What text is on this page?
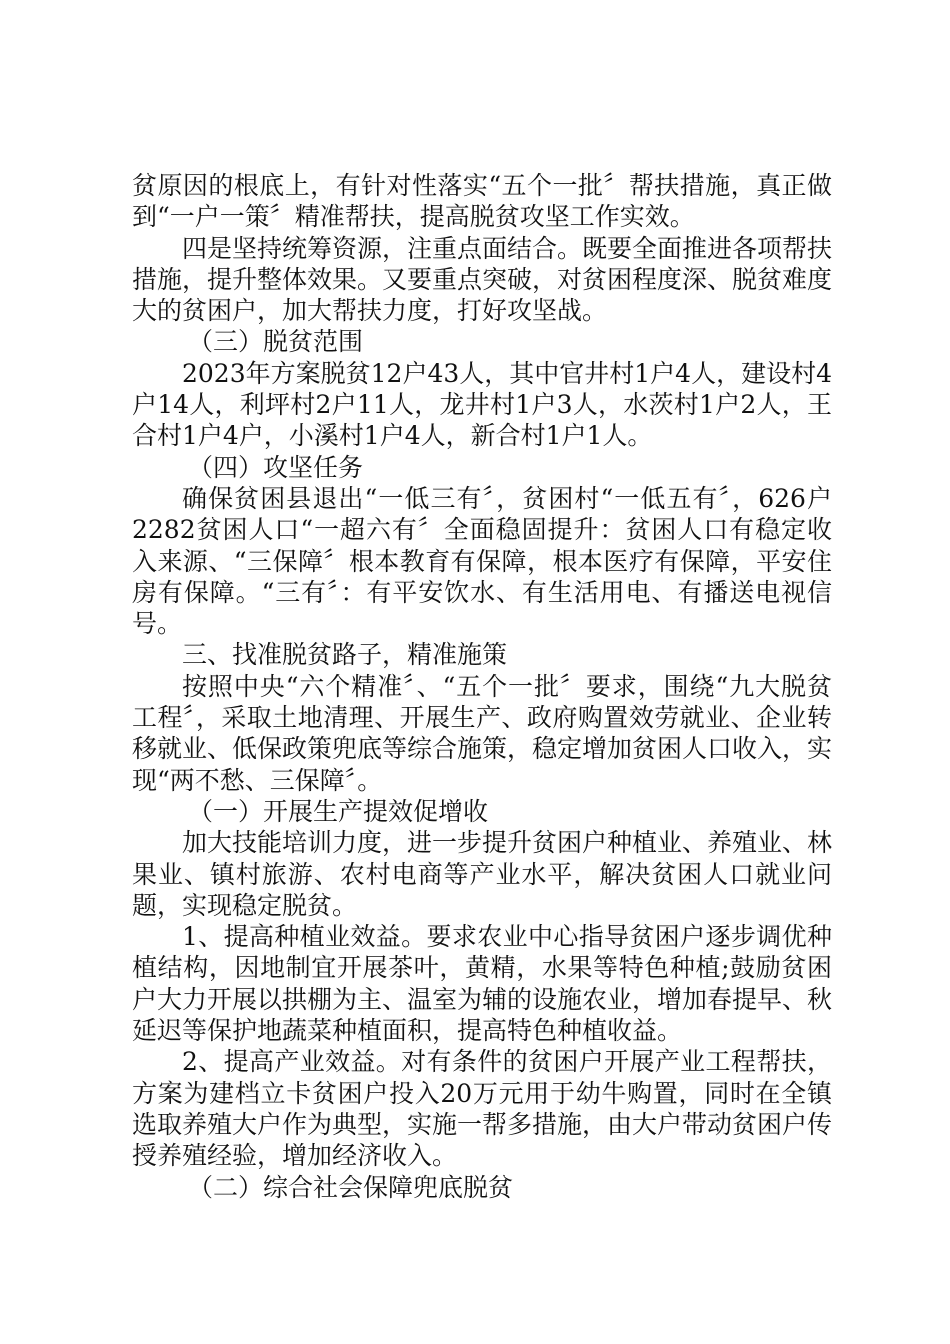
贫原因的根底上，有针对性落实“五个一批〞帮扶措施，真正做到“一户一策〞精准帮扶，提高脱贫攻坚工作实效。

四是坚持统筹资源，注重点面结合。既要全面推进各项帮扶措施，提升整体效果。又要重点突破，对贫困程度深、脱贫难度大的贫困户，加大帮扶力度，打好攻坚战。

（三）脱贫范围

2023年方案脱贫12户43人，其中官井村1户4人，建设村4户14人，利坪村2户11人，龙井村1户3人，水茨村1户2人，王合村1户4户，小溪村1户4人，新合村1户1人。

（四）攻坚任务

确保贫困县退出“一低三有〞，贫困村“一低五有〞，626户2282贫困人口“一超六有〞全面稳固提升：贫困人口有稳定收入来源、“三保障〞根本教育有保障，根本医疗有保障，平安住房有保障。“三有〞：有平安饮水、有生活用电、有播送电视信号。

三、找准脱贫路子，精准施策

按照中央“六个精准〞、“五个一批〞要求，围绕“九大脱贫工程〞，采取土地清理、开展生产、政府购置效劳就业、企业转移就业、低保政策兜底等综合施策，稳定增加贫困人口收入，实现“两不愁、三保障〞。

（一）开展生产提效促增收

加大技能培训力度，进一步提升贫困户种植业、养殖业、林果业、镇村旅游、农村电商等产业水平，解决贫困人口就业问题，实现稳定脱贫。

1、提高种植业效益。要求农业中心指导贫困户逐步调优种植结构，因地制宜开展茶叶，黄精，水果等特色种植;鼓励贫困户大力开展以拱棚为主、温室为辅的设施农业，增加春提早、秋延迟等保护地蔬菜种植面积，提高特色种植收益。

2、提高产业效益。对有条件的贫困户开展产业工程帮扶，方案为建档立卡贫困户投入20万元用于幼牛购置，同时在全镇选取养殖大户作为典型，实施一帮多措施，由大户带动贫困户传授养殖经验，增加经济收入。

（二）综合社会保障兜底脱贫
